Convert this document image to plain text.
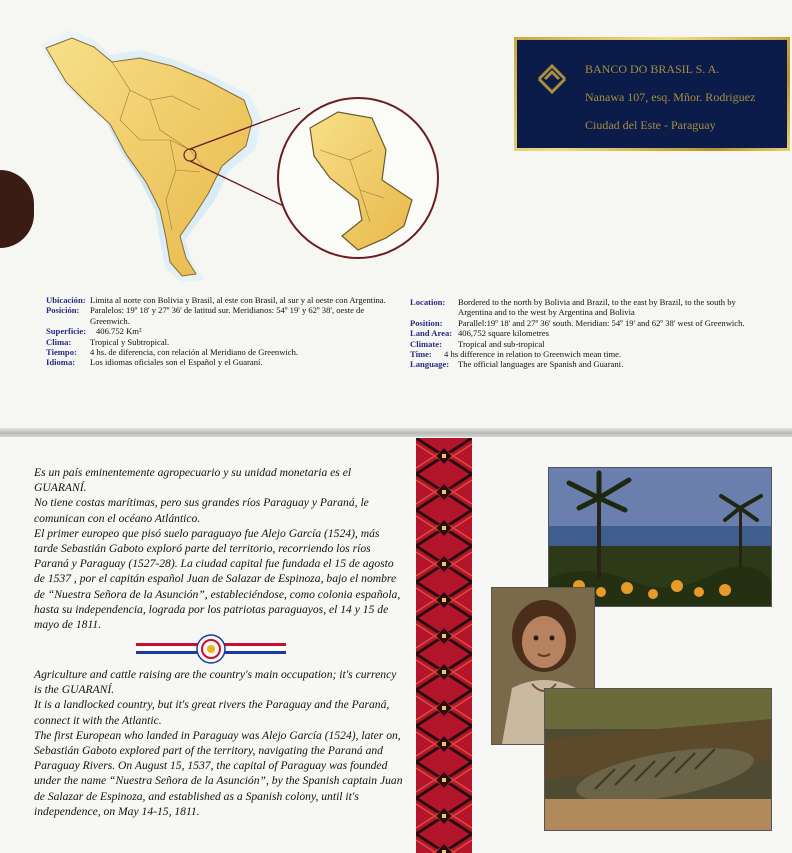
BANCO DO BRASIL S. A.
Nanawa 107, esq. Mñor. Rodriguez
Ciudad del Este - Paraguay
Ubicación: Limita al norte con Bolivia y Brasil, al este con Brasil, al sur y al oeste con Argentina.
Posición:	Paralelos: 19º 18' y 27º 36' de latitud sur. Meridianos: 54º 19' y 62º 38', oeste de Greenwich.
Superficie:	406.752 Km²
Clima:	Tropical y Subtropical.
Tiempo:	4 hs. de diferencia, con relación al Meridiano de Greenwich.
Idioma:	Los idiomas oficiales son el Español y el Guaraní.
Location:	Bordered to the north by Bolivia and Brazil, to the east by Brazil, to the south by Argentina and to the west by Argentina and Bolivia
Position:	Parallel:19º 18' and 27º 36' south. Meridian: 54º 19' and 62º 38' west of Greenwich.
Land Area: 406,752 square kilometres
Climate:	Tropical and sub-tropical
Time:	4 hs difference in relation to Greenwich mean time.
Language:	The official languages are Spanish and Guarani.

Es un país eminentemente agropecuario y su unidad monetaria es el GUARANÍ.

No tiene costas marítimas, pero sus grandes ríos Paraguay y Paraná, le comunican con el océano Atlántico.

El primer europeo que pisó suelo paraguayo fue Alejo García (1524), más tarde Sebastián Gaboto exploró parte del territorio, recorriendo los ríos Paraná y Paraguay (1527-28). La ciudad capital fue fundada el 15 de agosto de 1537 , por el capitán español Juan de Salazar de Espinoza, bajo el nombre de “Nuestra Señora de la Asunción”, estableciéndose, como colonia española, hasta su independencia, lograda por los patriotas paraguayos, el 14 y 15 de mayo de 1811.

Agriculture and cattle raising are the country's main occupation; it's currency is the GUARANÍ.

It is a landlocked country, but it's great rivers the Paraguay and the Paraná, connect it with the Atlantic.

The first European who landed in Paraguay was Alejo García (1524), later on, Sebastián Gaboto explored part of the territory, navigating the Paraná and Paraguay Rivers. On August 15, 1537, the capital of Paraguay was founded under the name “Nuestra Señora de la Asunción”, by the Spanish captain Juan de Salazar de Espinoza, and established as a Spanish colony, until it's independence, on May 14-15, 1811.
